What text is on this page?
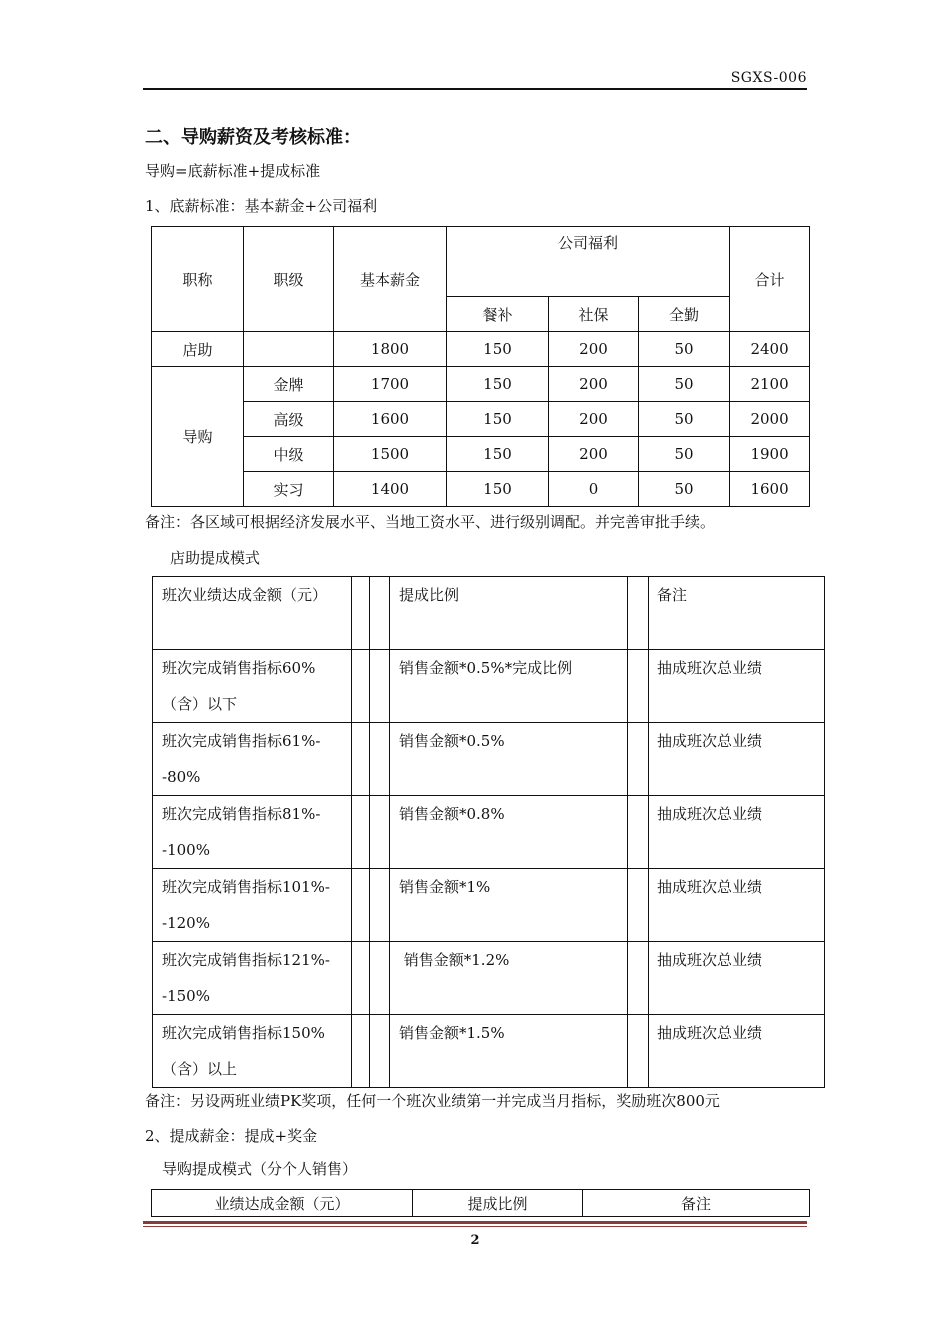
SGXS-006
二、导购薪资及考核标准：
导购=底薪标准+提成标准
1、底薪标准：基本薪金+公司福利
职称	职级	基本薪金	公司福利			合计
			餐补	社保	全勤	
店助		1800	150	200	50	2400
导购	金牌	1700	150	200	50	2100
	高级	1600	150	200	50	2000
	中级	1500	150	200	50	1900
	实习	1400	150	0	50	1600
备注：各区域可根据经济发展水平、当地工资水平、进行级别调配。并完善审批手续。
店助提成模式
班次业绩达成金额（元）			提成比例		备注
班次完成销售指标60%（含）以下			销售金额*0.5%*完成比例		抽成班次总业绩
班次完成销售指标61%--80%			销售金额*0.5%		抽成班次总业绩
班次完成销售指标81%--100%			销售金额*0.8%		抽成班次总业绩
班次完成销售指标101%--120%			销售金额*1%		抽成班次总业绩
班次完成销售指标121%--150%			销售金额*1.2%		抽成班次总业绩
班次完成销售指标150%（含）以上			销售金额*1.5%		抽成班次总业绩
备注：另设两班业绩PK奖项，任何一个班次业绩第一并完成当月指标，奖励班次800元
2、提成薪金：提成+奖金
导购提成模式（分个人销售）
业绩达成金额（元）	提成比例	备注
2
